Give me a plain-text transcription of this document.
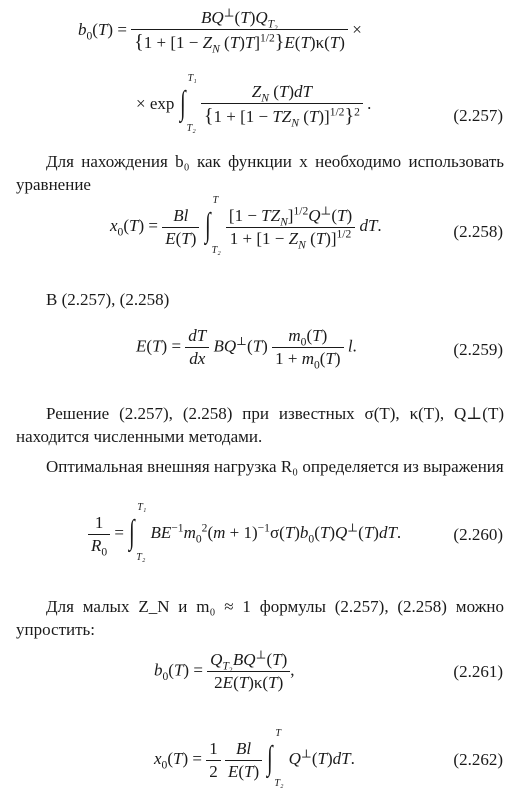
$b_0(T) = \frac{BQ^\perp(T)Q_{T_2}}{\{1 + [1 - Z_N (T)T]^{1/2}\}E(T)\kappa(T)}$ ×
× exp ∫
T₁
T₂

$\frac{Z_N (T)dT}{\{1 + [1 - TZ_N (T)]^{1/2}\}^2}$ .
(2.257)
Для нахождения b₀ как функции x необходимо использовать уравнение
$x_0(T) = \frac{Bl}{E(T)}$
∫
T
T₂

$\frac{[1 - TZ_N]^{1/2}Q^\perp(T)}{1 + [1 - Z_N (T)]^{1/2}}$ dT.	(2.258)
В (2.257), (2.258)
$E(T) = \frac{dT}{dx} BQ^\perp(T) \frac{m_0(T)}{1 + m_0(T)} l$.	(2.259)
Решение (2.257), (2.258) при известных σ(T), κ(T), Q⊥(T) находится численными методами.
Оптимальная внешняя нагрузка R₀ определяется из выражения
$\frac{1}{R_0}$ = ∫
T₁
T₂
$BE^{-1}m_0^2(m + 1)^{-1}\sigma(T)b_0(T)Q^\perp(T)dT$.	(2.260)
Для малых Z_N и m₀ ≈ 1 формулы (2.257), (2.258) можно упростить:
$b_0(T) = \frac{Q_{T_2}BQ^\perp(T)}{2E(T)\kappa(T)}$ ,	(2.261)
$x_0(T) = \frac{1}{2}$
$\frac{Bl}{E(T)}$
∫
T
T₂
Q⊥(T)dT.	(2.262)
